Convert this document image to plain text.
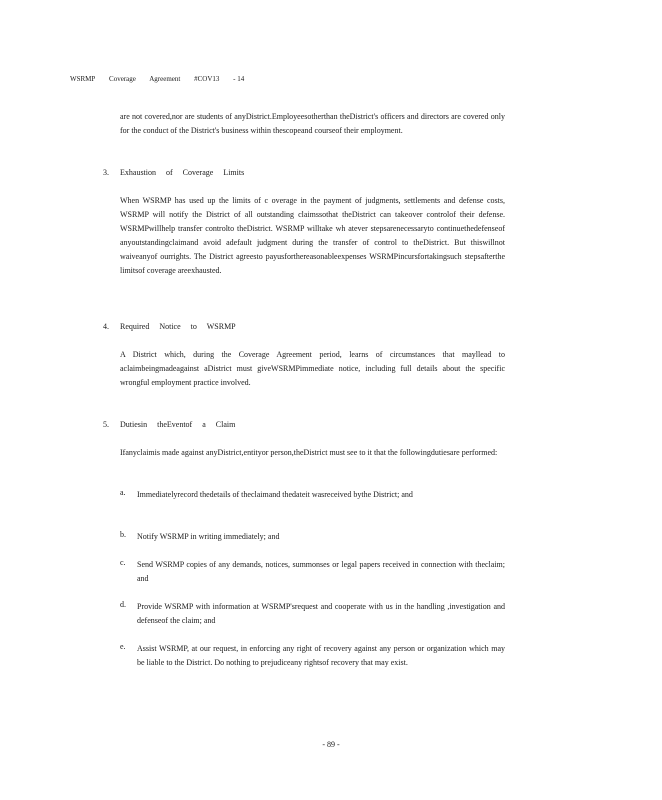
WSRMP Coverage Agreement #COV13 - 14
are not covered,nor are students of anyDistrict.Employeesotherthan theDistrict's officers and directors are covered only for the conduct of the District's business within thescopeand courseof their employment.
3. Exhaustion of Coverage Limits
When WSRMP has used up the limits of c overage in the payment of judgments, settlements and defense costs, WSRMP will notify the District of all outstanding claimssothat theDistrict can takeover controlof their defense. WSRMPwillhelp transfer controlto theDistrict. WSRMP willtake wh atever stepsarenecessaryto continuethedefenseof anyoutstandingclaimand avoid adefault judgment during the transfer of control to theDistrict. But thiswillnot waiveanyof ourrights. The District agreesto payusforthereasonableexpenses WSRMPincursfortakingsuch stepsafterthe limitsof coverage areexhausted.
4. Required Notice to WSRMP
A District which, during the Coverage Agreement period, learns of circumstances that mayllead to aclaimbeingmadeagainst aDistrict must giveWSRMPimmediate notice, including full details about the specific wrongful employment practice involved.
5. Dutiesin theEventof a Claim
Ifanyclaimis made against anyDistrict,entityor person,theDistrict must see to it that the followingdutiesare performed:
a. Immediatelyrecord thedetails of theclaimand thedateit wasreceived bythe District; and
b. Notify WSRMP in writing immediately; and
c. Send WSRMP copies of any demands, notices, summonses or legal papers received in connection with theclaim; and
d. Provide WSRMP with information at WSRMP'srequest and cooperate with us in the handling ,investigation and defenseof the claim; and
e. Assist WSRMP, at our request, in enforcing any right of recovery against any person or organization which may be liable to the District. Do nothing to prejudiceany rightsof recovery that may exist.
- 89 -
